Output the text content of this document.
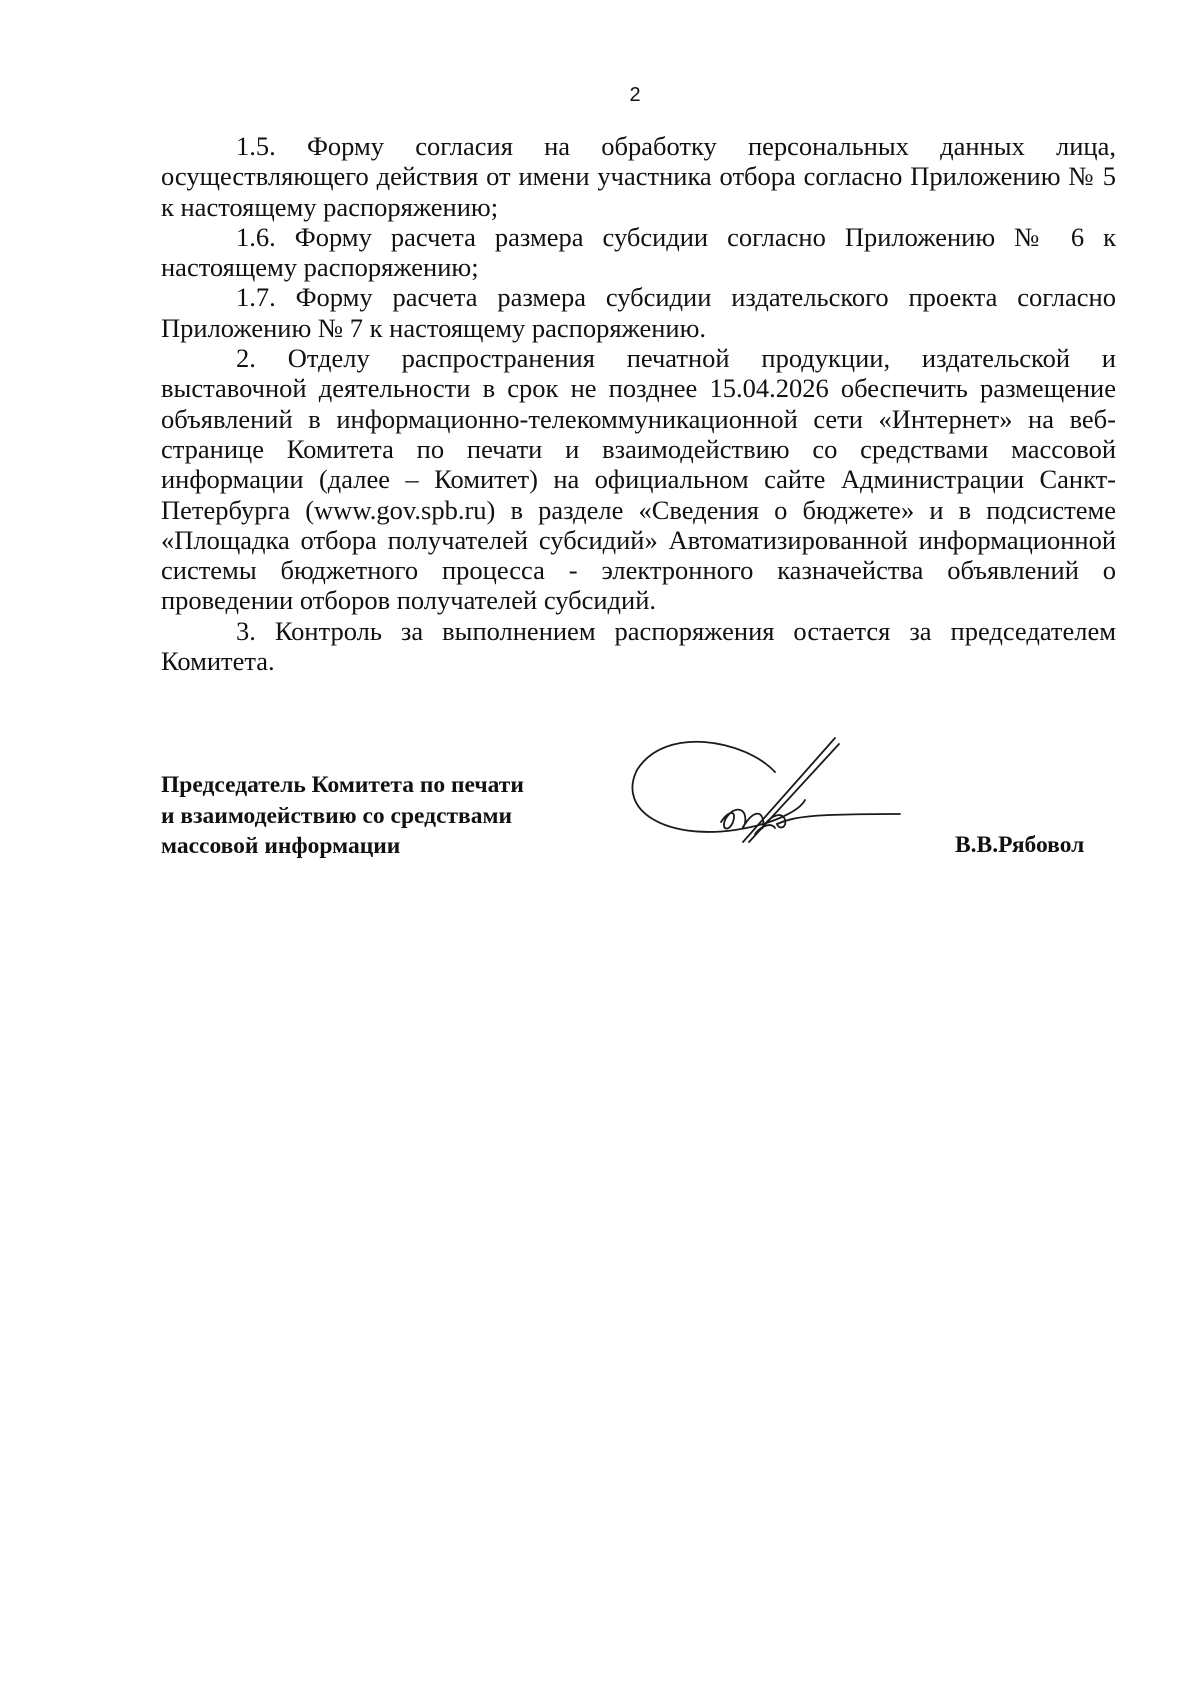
2

1.5. Форму согласия на обработку персональных данных лица, осуществляющего действия от имени участника отбора согласно Приложению № 5 к настоящему распоряжению;

1.6. Форму расчета размера субсидии согласно Приложению № 6 к настоящему распоряжению;

1.7. Форму расчета размера субсидии издательского проекта согласно Приложению № 7 к настоящему распоряжению.

2. Отделу распространения печатной продукции, издательской и выставочной деятельности в срок не позднее 15.04.2026 обеспечить размещение объявлений в информационно-телекоммуникационной сети «Интернет» на веб-странице Комитета по печати и взаимодействию со средствами массовой информации (далее – Комитет) на официальном сайте Администрации Санкт-Петербурга (www.gov.spb.ru) в разделе «Сведения о бюджете» и в подсистеме «Площадка отбора получателей субсидий» Автоматизированной информационной системы бюджетного процесса - электронного казначейства объявлений о проведении отборов получателей субсидий.

3. Контроль за выполнением распоряжения остается за председателем Комитета.

Председатель Комитета по печати
и взаимодействию со средствами
массовой информации	В.В.Рябовол
